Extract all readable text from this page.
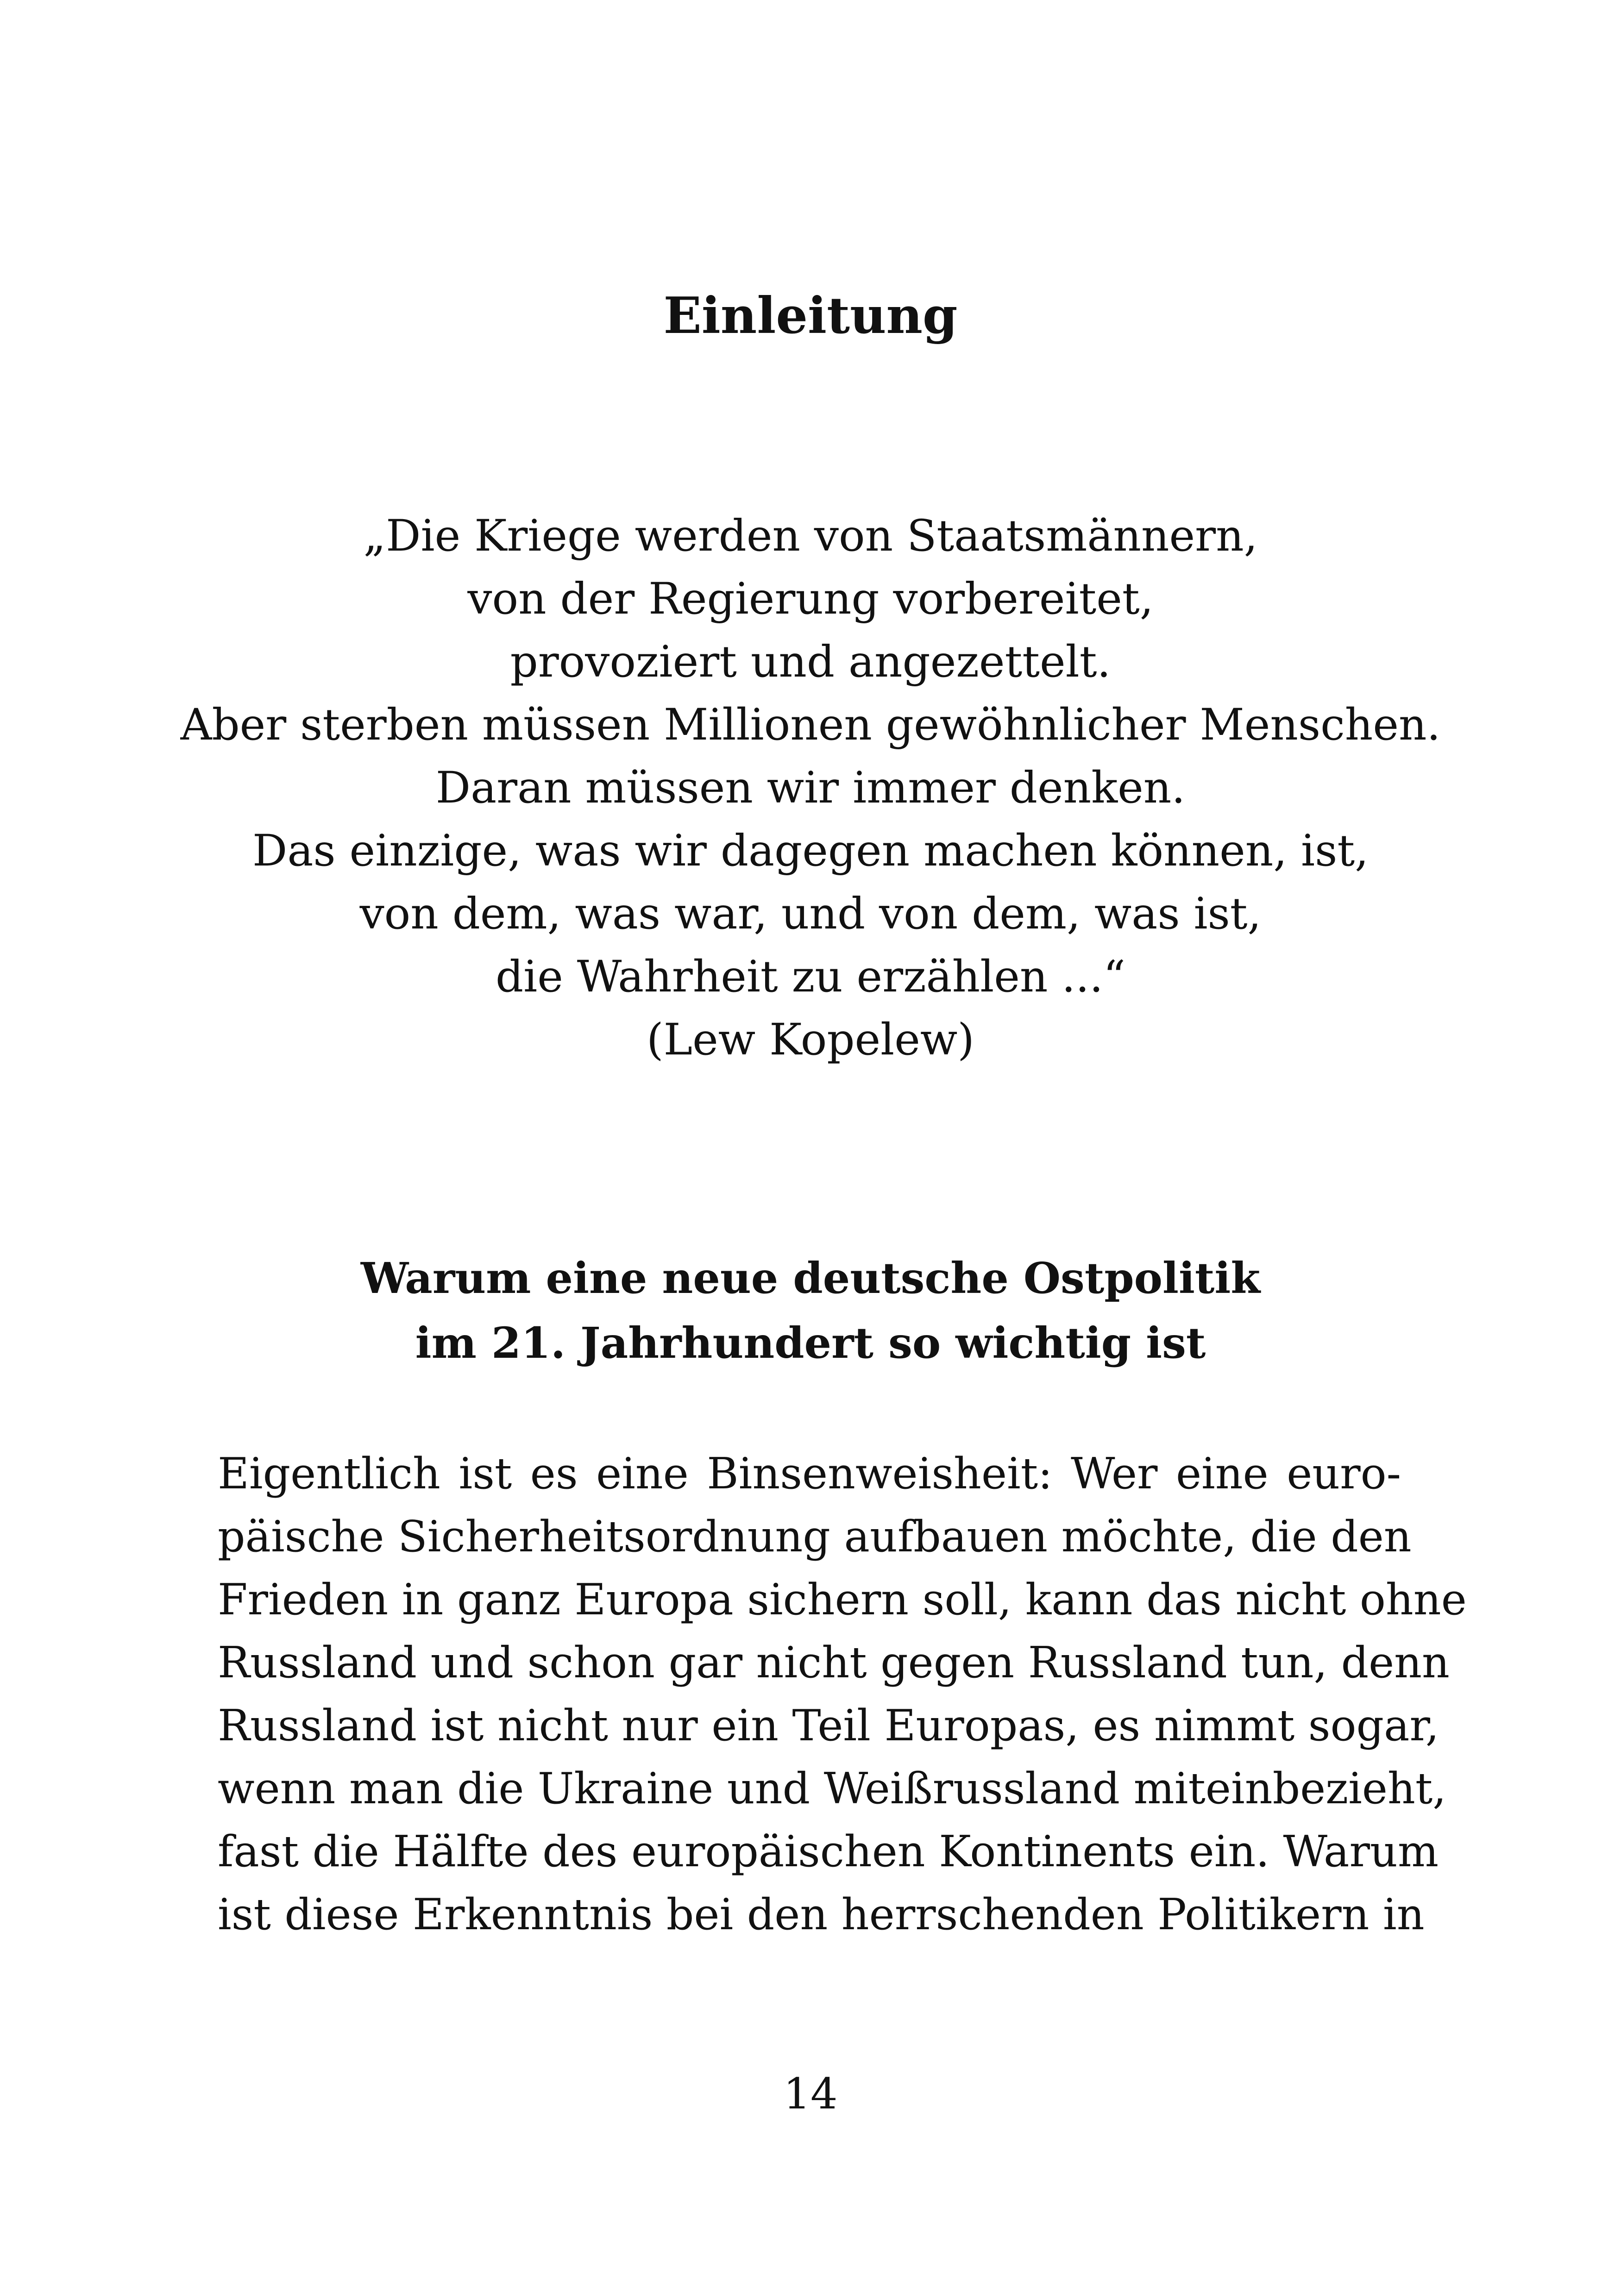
Einleitung
„Die Kriege werden von Staatsmännern,
von der Regierung vorbereitet,
provoziert und angezettelt.
Aber sterben müssen Millionen gewöhnlicher Menschen.
Daran müssen wir immer denken.
Das einzige, was wir dagegen machen können, ist,
von dem, was war, und von dem, was ist,
die Wahrheit zu erzählen ...“
(Lew Kopelew)
Warum eine neue deutsche Ostpolitik
im 21. Jahrhundert so wichtig ist
Eigentlich ist es eine Binsenweisheit: Wer eine euro-
päische Sicherheitsordnung aufbauen möchte, die den
Frieden in ganz Europa sichern soll, kann das nicht ohne
Russland und schon gar nicht gegen Russland tun, denn
Russland ist nicht nur ein Teil Europas, es nimmt sogar,
wenn man die Ukraine und Weißrussland miteinbezieht,
fast die Hälfte des europäischen Kontinents ein. Warum
ist diese Erkenntnis bei den herrschenden Politikern in
14
